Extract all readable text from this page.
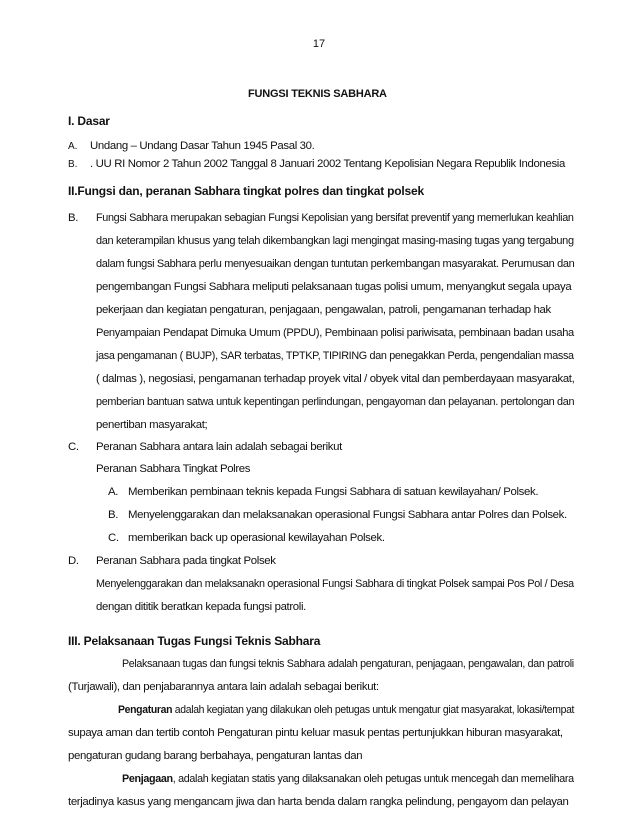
17
FUNGSI TEKNIS SABHARA
I. Dasar
A. Undang – Undang Dasar Tahun 1945 Pasal 30.
B. . UU RI Nomor 2 Tahun 2002 Tanggal 8 Januari 2002 Tentang Kepolisian Negara Republik Indonesia
II.Fungsi dan, peranan Sabhara tingkat polres dan tingkat polsek
B. Fungsi Sabhara merupakan sebagian Fungsi Kepolisian yang bersifat preventif yang memerlukan keahlian
dan keterampilan khusus yang telah dikembangkan lagi mengingat masing-masing tugas yang tergabung
dalam fungsi Sabhara perlu menyesuaikan dengan tuntutan perkembangan masyarakat. Perumusan dan
pengembangan Fungsi Sabhara meliputi pelaksanaan tugas polisi umum, menyangkut segala upaya
pekerjaan dan kegiatan pengaturan, penjagaan, pengawalan, patroli, pengamanan terhadap hak
Penyampaian Pendapat Dimuka Umum (PPDU), Pembinaan polisi pariwisata, pembinaan badan usaha
jasa pengamanan ( BUJP), SAR terbatas, TPTKP, TIPIRING dan penegakkan Perda, pengendalian massa
( dalmas ), negosiasi, pengamanan terhadap proyek vital / obyek vital dan pemberdayaan masyarakat,
pemberian bantuan satwa untuk kepentingan perlindungan, pengayoman dan pelayanan. pertolongan dan
penertiban masyarakat;
C. Peranan Sabhara antara lain adalah sebagai berikut
Peranan Sabhara Tingkat Polres
A. Memberikan pembinaan teknis kepada Fungsi Sabhara di satuan kewilayahan/ Polsek.
B. Menyelenggarakan dan melaksanakan operasional Fungsi Sabhara antar Polres dan Polsek.
C. memberikan back up operasional kewilayahan Polsek.
D. Peranan Sabhara pada tingkat Polsek
Menyelenggarakan dan melaksanakn operasional Fungsi Sabhara di tingkat Polsek sampai Pos Pol / Desa
dengan dititik beratkan kepada fungsi patroli.
III. Pelaksanaan Tugas Fungsi Teknis Sabhara
Pelaksanaan tugas dan fungsi teknis Sabhara adalah pengaturan, penjagaan, pengawalan, dan patroli
(Turjawali), dan penjabarannya antara lain adalah sebagai berikut:
Pengaturan adalah kegiatan yang dilakukan oleh petugas untuk mengatur giat masyarakat, lokasi/tempat
supaya aman dan tertib contoh Pengaturan pintu keluar masuk pentas pertunjukkan hiburan masyarakat,
pengaturan gudang barang berbahaya, pengaturan lantas dan
Penjagaan, adalah kegiatan statis yang dilaksanakan oleh petugas untuk mencegah dan memelihara
terjadinya kasus yang mengancam jiwa dan harta benda dalam rangka pelindung, pengayom dan pelayan
